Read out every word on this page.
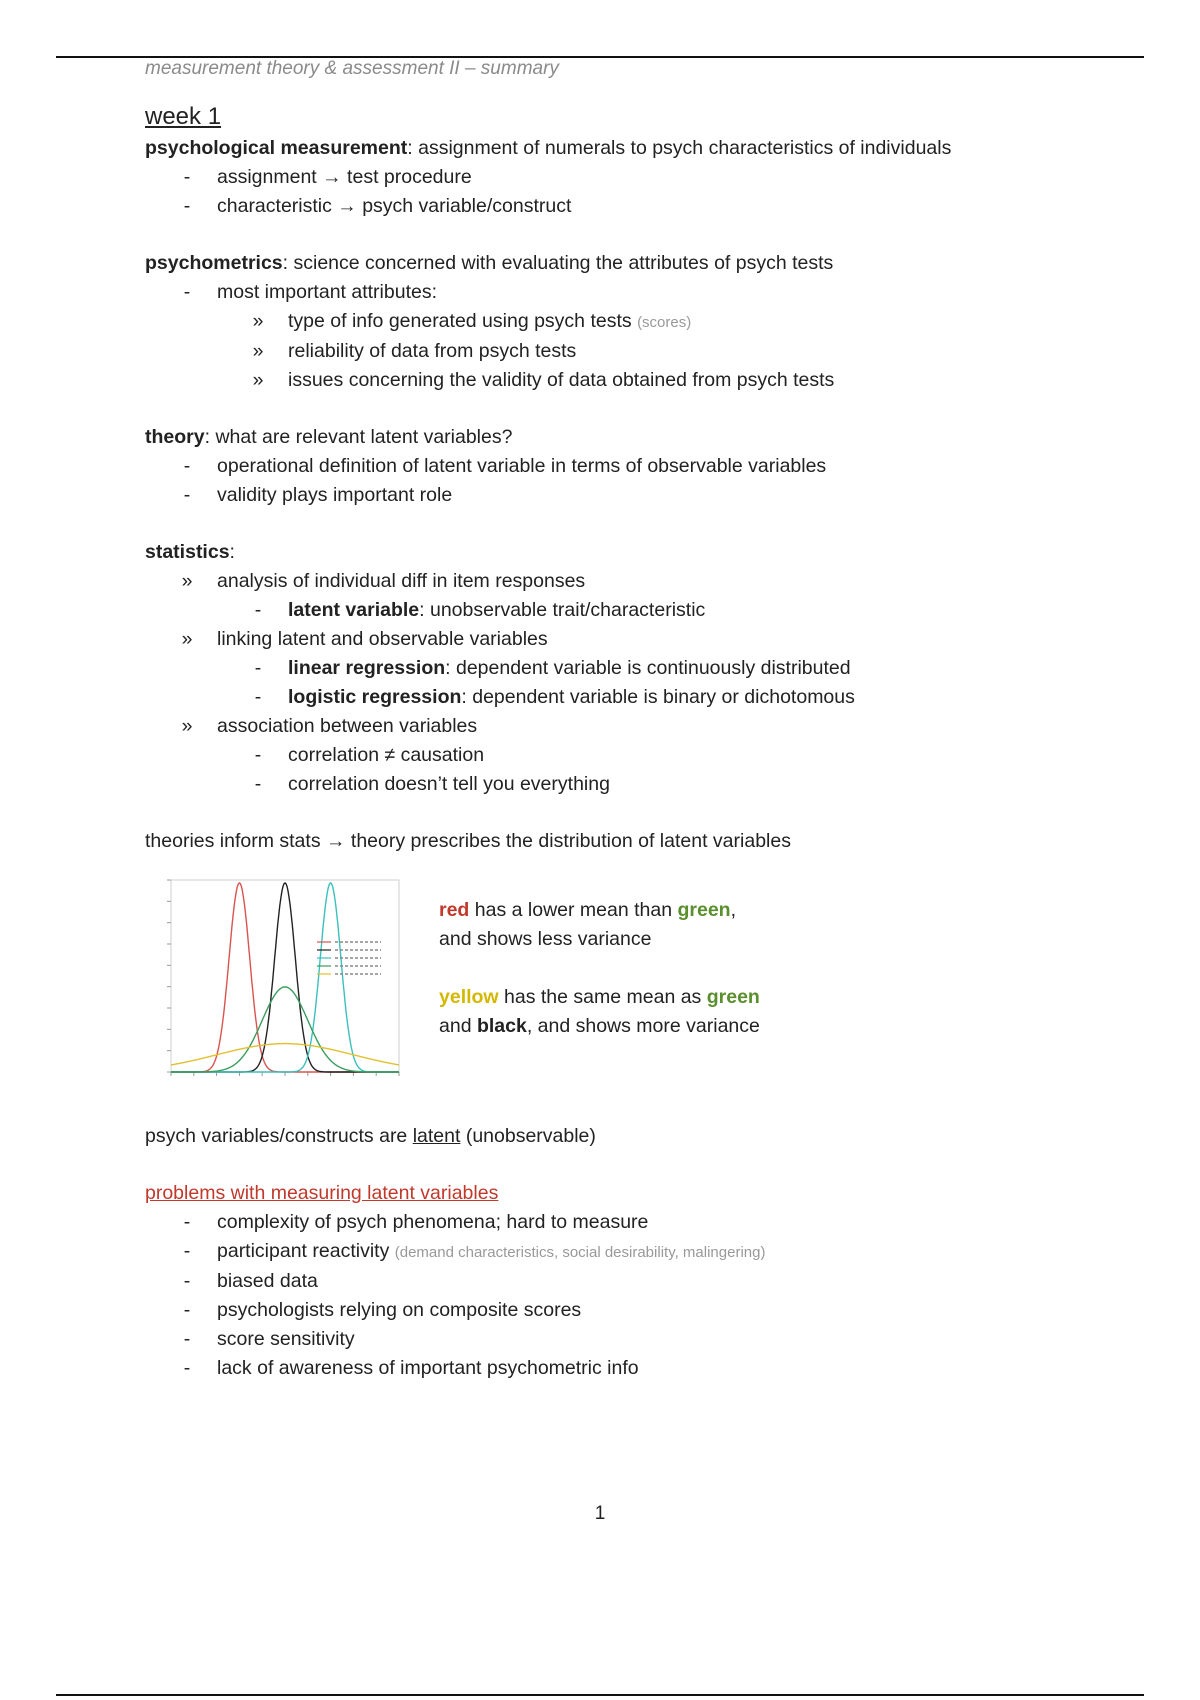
measurement theory & assessment II – summary
week 1

psychological measurement: assignment of numerals to psych characteristics of individuals

-	assignment → test procedure
-	characteristic → psych variable/construct

psychometrics: science concerned with evaluating the attributes of psych tests

-	most important attributes:
» type of info generated using psych tests (scores)
» reliability of data from psych tests
» issues concerning the validity of data obtained from psych tests

theory: what are relevant latent variables?

-	operational definition of latent variable in terms of observable variables
-	validity plays important role

statistics:

» analysis of individual diff in item responses
-	latent variable: unobservable trait/characteristic
» linking latent and observable variables
-	linear regression: dependent variable is continuously distributed
-	logistic regression: dependent variable is binary or dichotomous
» association between variables
-	correlation ≠ causation
-	correlation doesn’t tell you everything

theories inform stats → theory prescribes the distribution of latent variables

red has a lower mean than green,
and shows less variance
yellow has the same mean as green
and black, and shows more variance

psych variables/constructs are latent (unobservable)

problems with measuring latent variables

-	complexity of psych phenomena; hard to measure
-	participant reactivity (demand characteristics, social desirability, malingering)
-	biased data
-	psychologists relying on composite scores
-	score sensitivity
-	lack of awareness of important psychometric info
1
